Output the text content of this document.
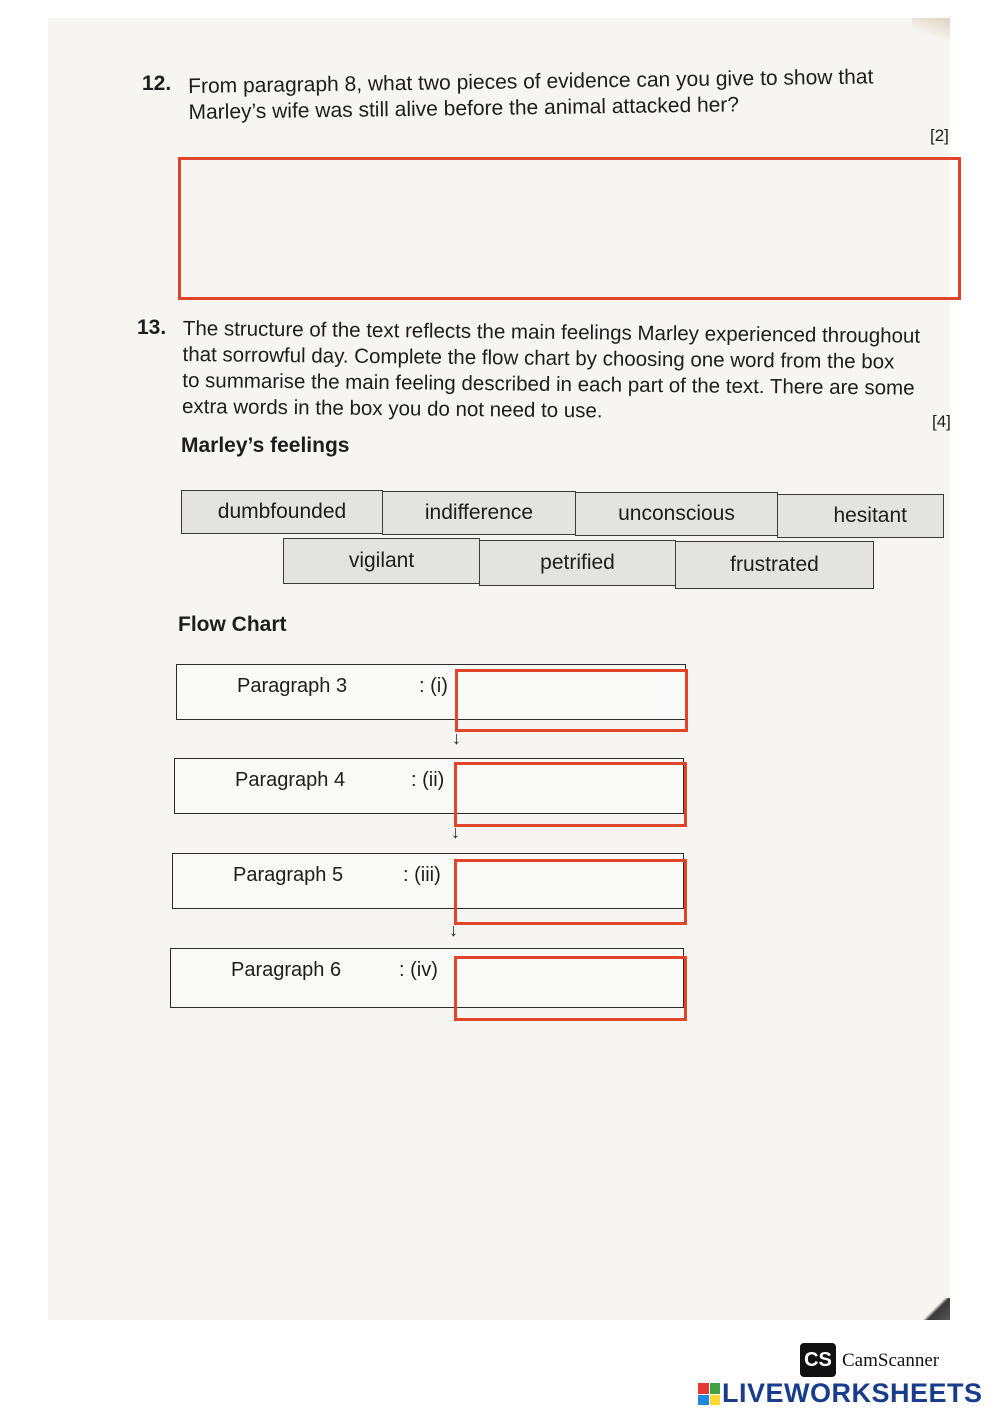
12. From paragraph 8, what two pieces of evidence can you give to show that
Marley’s wife was still alive before the animal attacked her?
[2]
13. The structure of the text reflects the main feelings Marley experienced throughout
that sorrowful day. Complete the flow chart by choosing one word from the box
to summarise the main feeling described in each part of the text. There are some
extra words in the box you do not need to use.	[4]
Marley’s feelings
dumbfounded	indifference	unconscious	hesitant
vigilant	petrified	frustrated
Flow Chart
Paragraph 3	: (i)
↓
Paragraph 4	: (ii)
↓
Paragraph 5	: (iii)
↓
Paragraph 6	: (iv)
CS CamScanner
LIVEWORKSHEETS
